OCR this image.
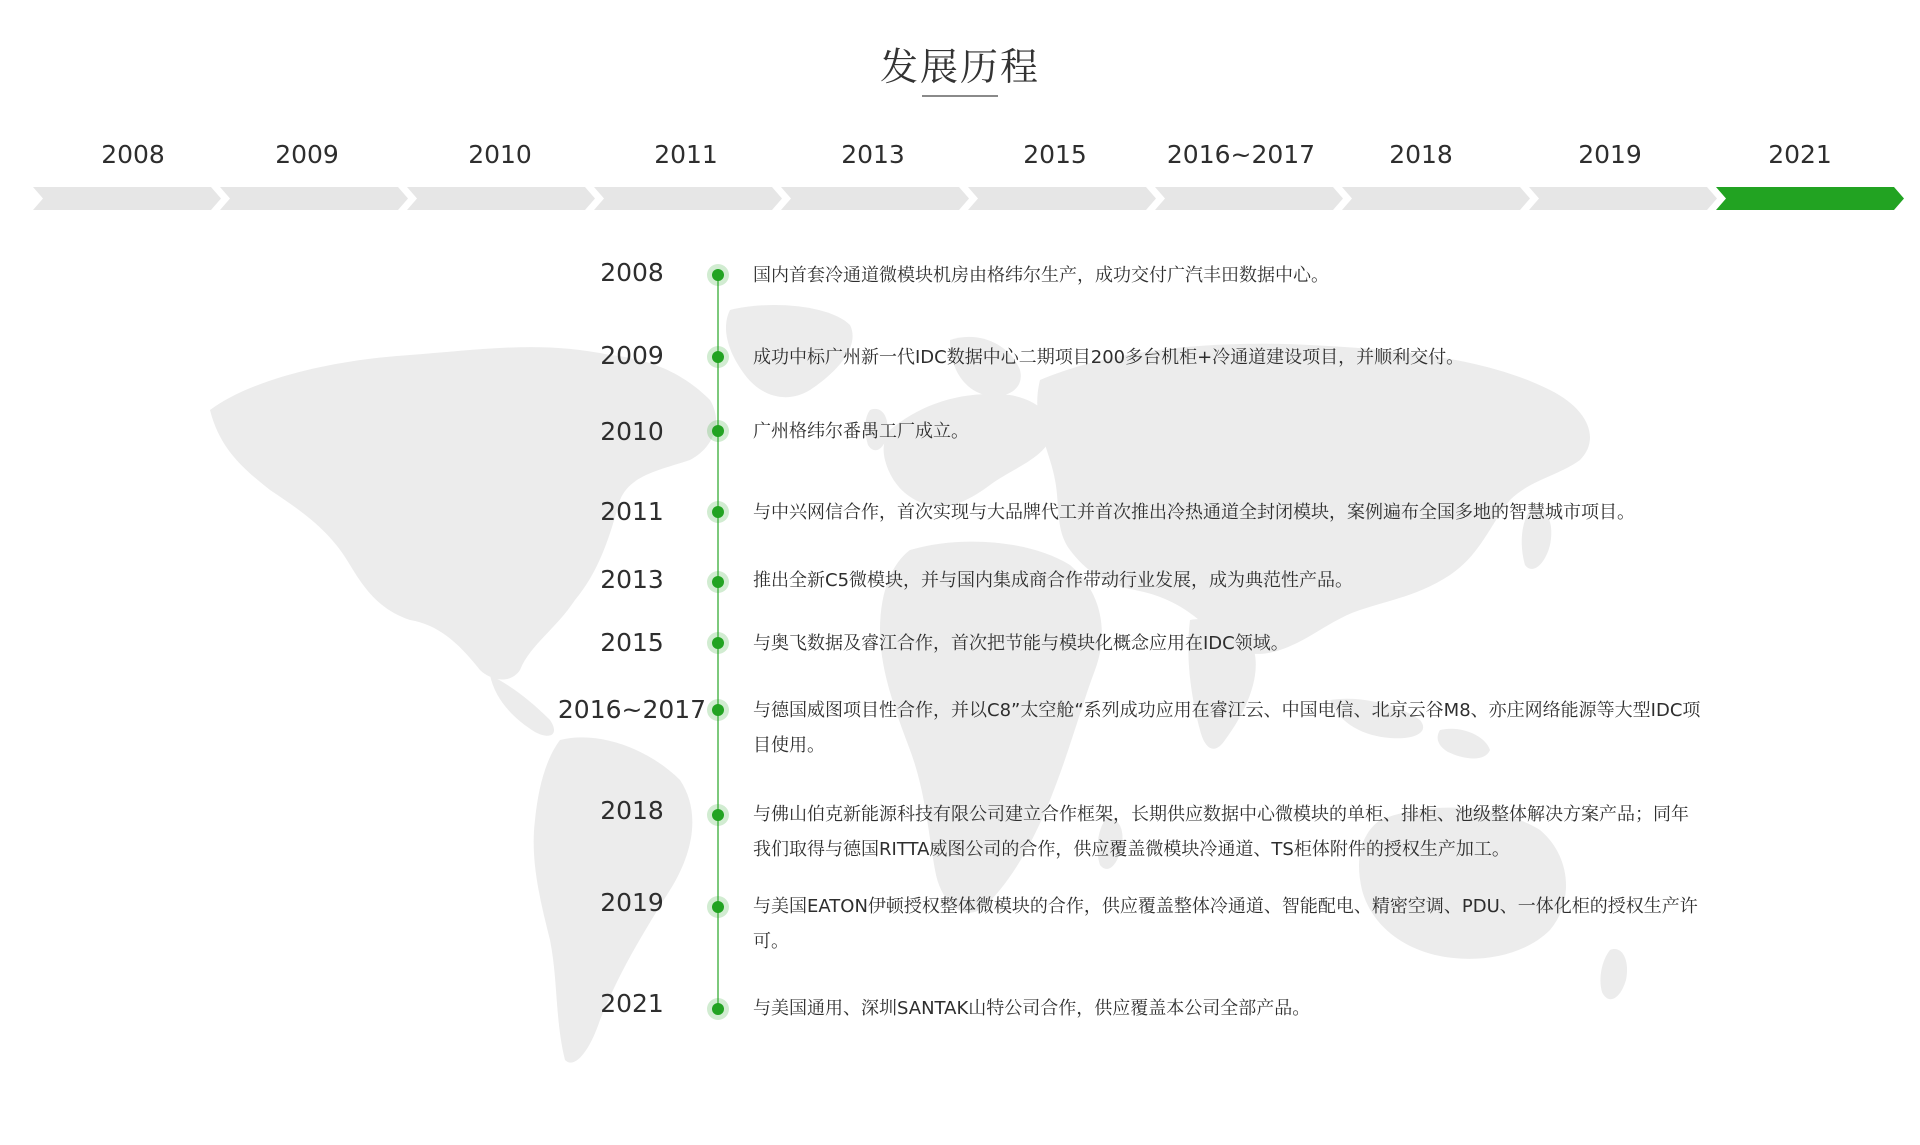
发展历程
2008	2009	2010	2011	2013	2015	2016~2017	2018	2019	2021
2008	国内首套冷通道微模块机房由格纬尔生产，成功交付广汽丰田数据中心。
2009	成功中标广州新一代IDC数据中心二期项目200多台机柜+冷通道建设项目，并顺利交付。
2010	广州格纬尔番禺工厂成立。
2011	与中兴网信合作，首次实现与大品牌代工并首次推出冷热通道全封闭模块，案例遍布全国多地的智慧城市项目。
2013	推出全新C5微模块，并与国内集成商合作带动行业发展，成为典范性产品。
2015	与奥飞数据及睿江合作，首次把节能与模块化概念应用在IDC领域。
2016~2017	与德国威图项目性合作，并以C8”太空舱“系列成功应用在睿江云、中国电信、北京云谷M8、亦庄网络能源等大型IDC项目使用。
2018	与佛山伯克新能源科技有限公司建立合作框架，长期供应数据中心微模块的单柜、排柜、池级整体解决方案产品；同年我们取得与德国RITTA威图公司的合作，供应覆盖微模块冷通道、TS柜体附件的授权生产加工。
2019	与美国EATON伊顿授权整体微模块的合作，供应覆盖整体冷通道、智能配电、精密空调、PDU、一体化柜的授权生产许可。
2021	与美国通用、深圳SANTAK山特公司合作，供应覆盖本公司全部产品。
